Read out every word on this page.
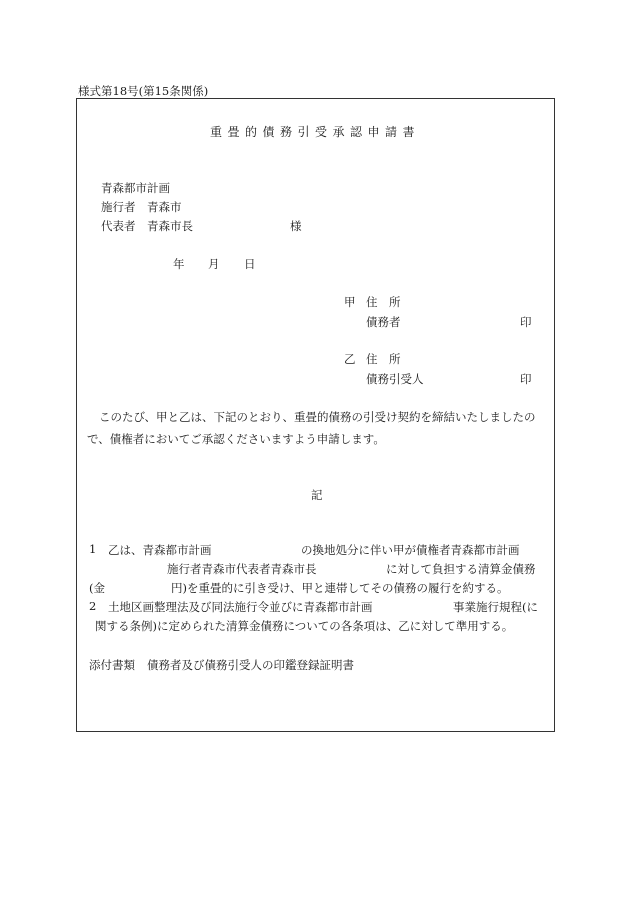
様式第18号(第15条関係)
重畳的債務引受承認申請書
青森都市計画
施行者 青森市
代表者 青森市長	様
年 月 日
甲 住　所
債務者	印
乙 住　所
債務引受人	印
このたび、甲と乙は、下記のとおり、重畳的債務の引受け契約を締結いたしましたので、債権者においてご承認くださいますよう申請します。
記
1 乙は、青森都市計画	の換地処分に伴い甲が債権者青森都市計画
施行者青森市代表者青森市長	に対して負担する清算金債務
(金	円)を重畳的に引き受け、甲と連帯してその債務の履行を約する。
2 土地区画整理法及び同法施行令並びに青森都市計画	事業施行規程(に
関する条例)に定められた清算金債務についての各条項は、乙に対して準用する。
添付書類 債務者及び債務引受人の印鑑登録証明書
